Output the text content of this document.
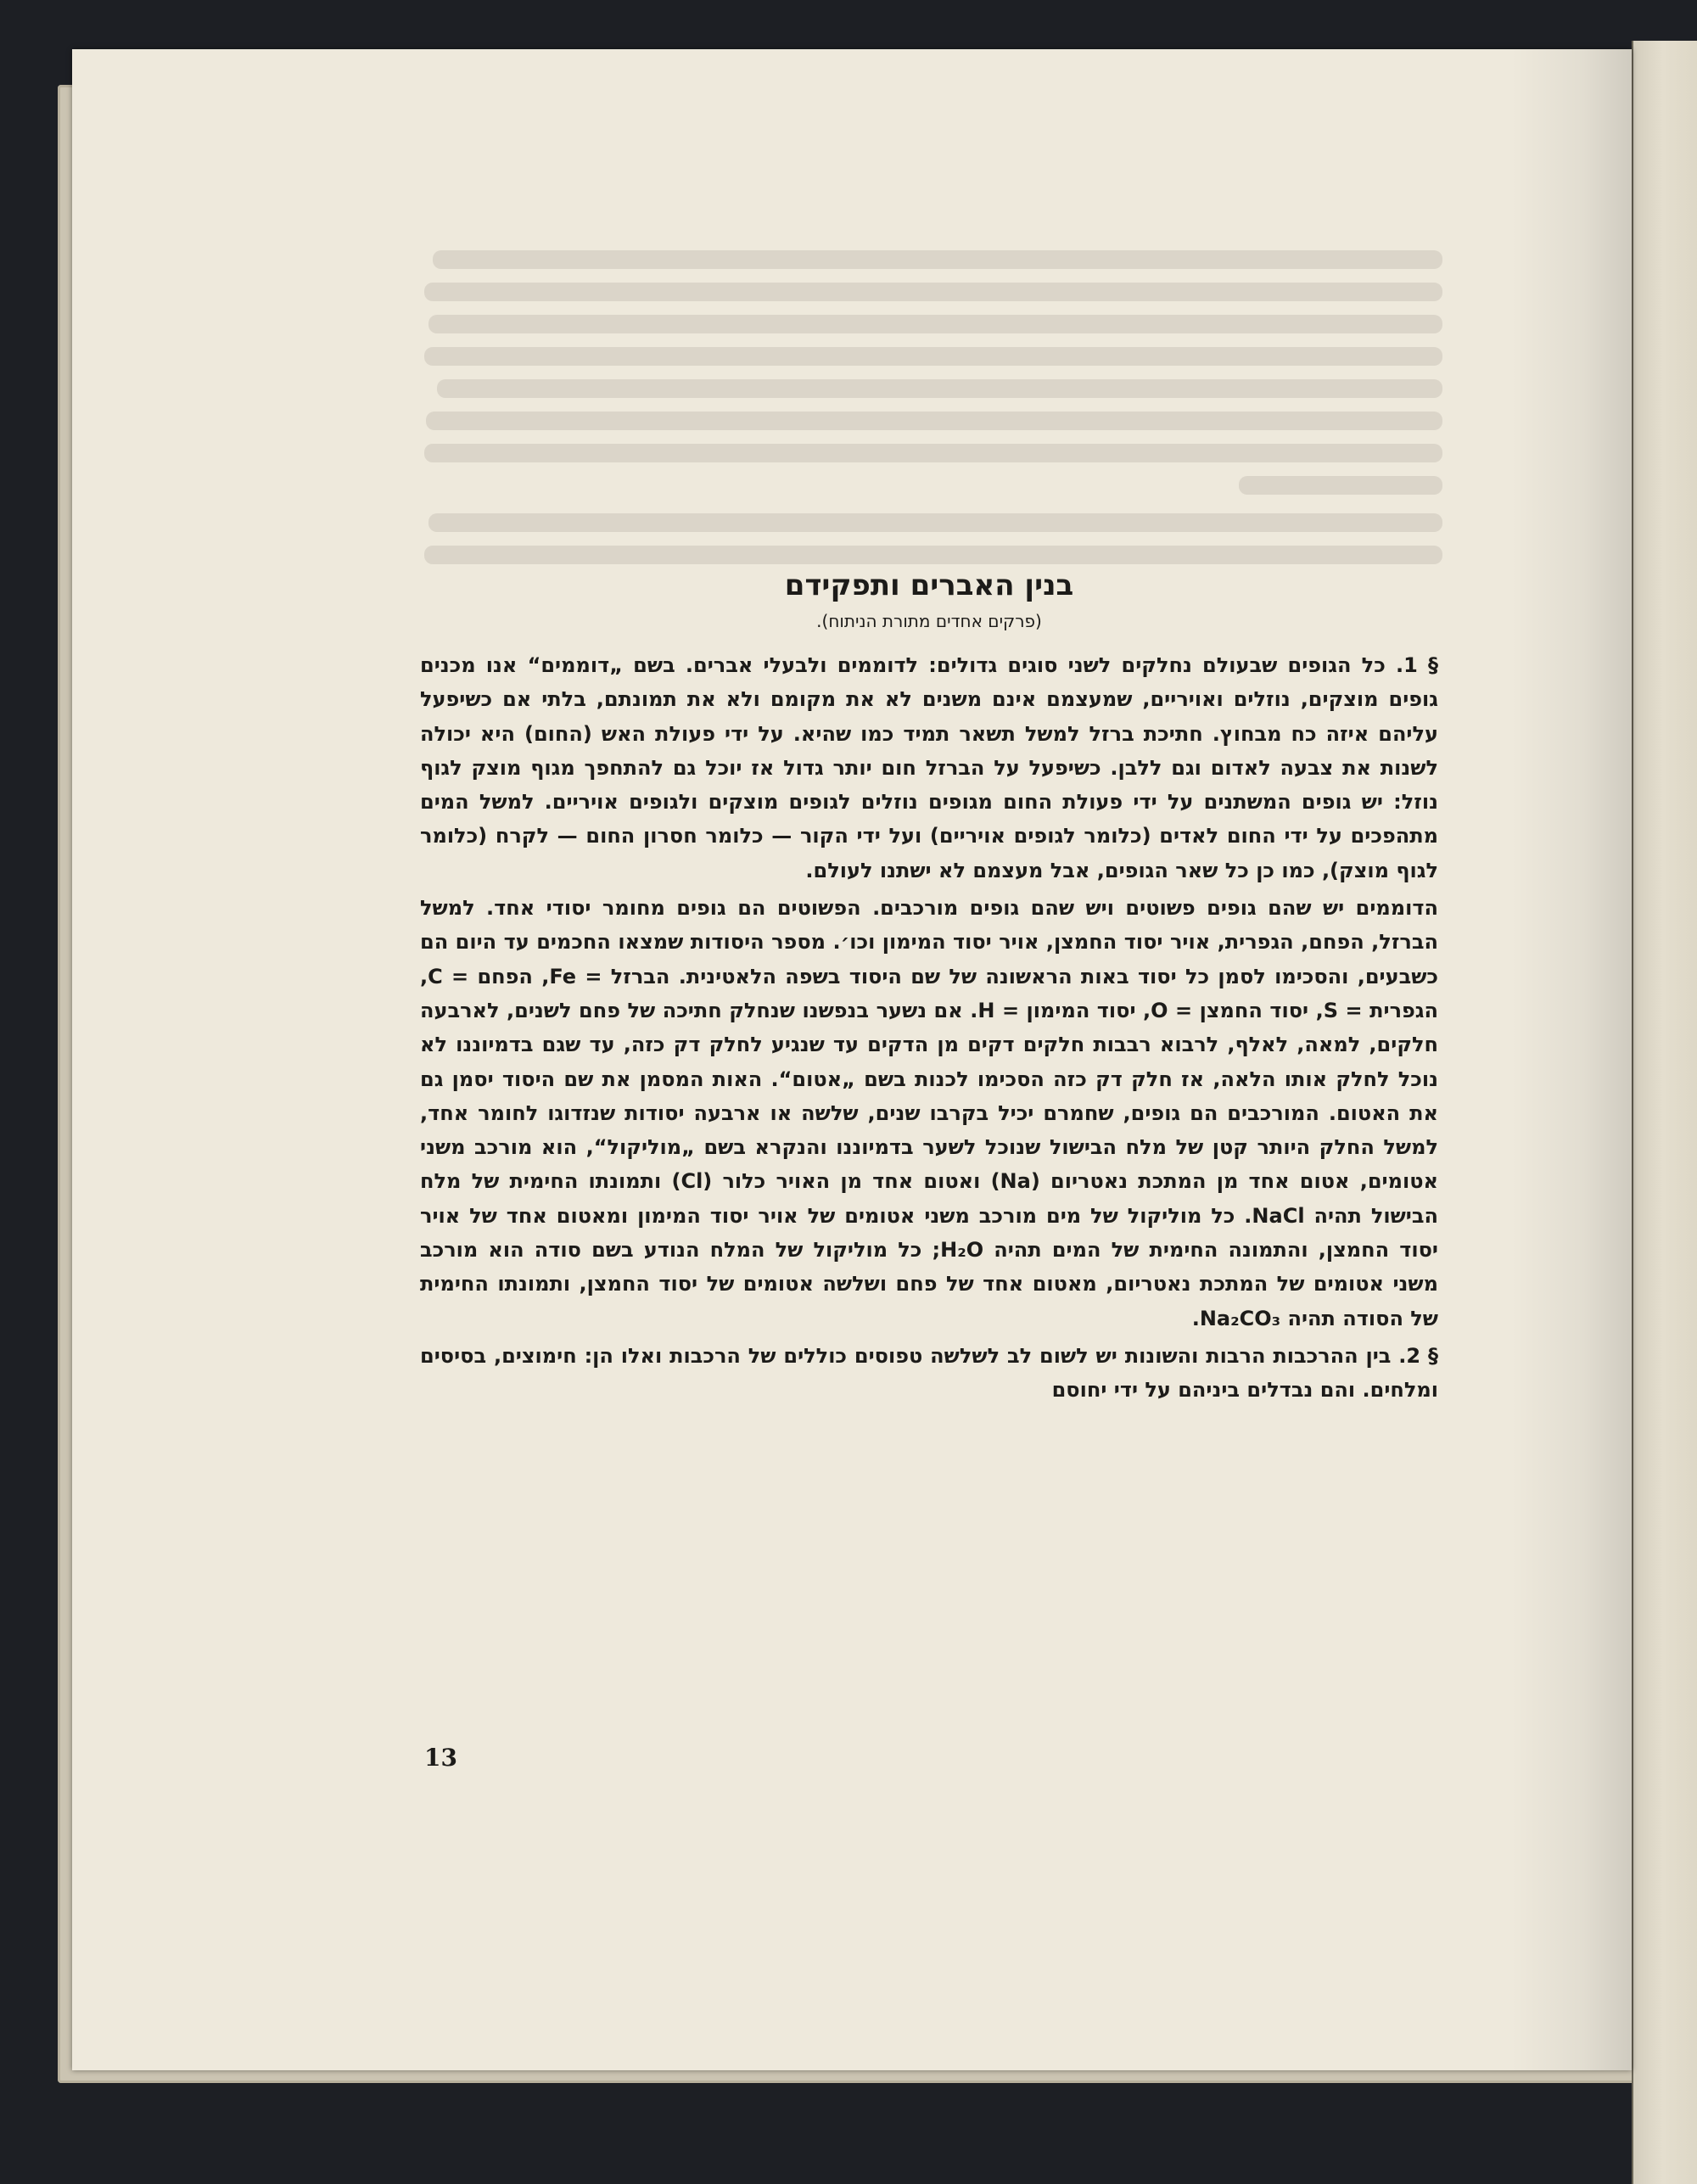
בנין האברים ותפקידם
(פרקים אחדים מתורת הניתוח).

§ 1. כל הגופים שבעולם נחלקים לשני סוגים גדולים: לדוממים ולבעלי אברים. בשם „דוממים“ אנו מכנים גופים מוצקים, נוזלים ואויריים, שמעצמם אינם משנים לא את מקומם ולא את תמונתם, בלתי אם כשיפעל עליהם איזה כח מבחוץ. חתיכת ברזל למשל תשאר תמיד כמו שהיא. על ידי פעולת האש (החום) היא יכולה לשנות את צבעה לאדום וגם ללבן. כשיפעל על הברזל חום יותר גדול אז יוכל גם להתחפך מגוף מוצק לגוף נוזל: יש גופים המשתנים על ידי פעולת החום מגופים נוזלים לגופים מוצקים ולגופים אויריים. למשל המים מתהפכים על ידי החום לאדים (כלומר לגופים אויריים) ועל ידי הקור — כלומר חסרון החום — לקרח (כלומר לגוף מוצק), כמו כן כל שאר הגופים, אבל מעצמם לא ישתנו לעולם.

הדוממים יש שהם גופים פשוטים ויש שהם גופים מורכבים. הפשוטים הם גופים מחומר יסודי אחד. למשל הברזל, הפחם, הגפרית, אויר יסוד החמצן, אויר יסוד המימון וכו׳. מספר היסודות שמצאו החכמים עד היום הם כשבעים, והסכימו לסמן כל יסוד באות הראשונה של שם היסוד בשפה הלאטינית. הברזל = Fe, הפחם = C, הגפרית = S, יסוד החמצן = O, יסוד המימון = H. אם נשער בנפשנו שנחלק חתיכה של פחם לשנים, לארבעה חלקים, למאה, לאלף, לרבוא רבבות חלקים דקים מן הדקים עד שנגיע לחלק דק כזה, עד שגם בדמיוננו לא נוכל לחלק אותו הלאה, אז חלק דק כזה הסכימו לכנות בשם „אטום“. האות המסמן את שם היסוד יסמן גם את האטום. המורכבים הם גופים, שחמרם יכיל בקרבו שנים, שלשה או ארבעה יסודות שנזדוגו לחומר אחד, למשל החלק היותר קטן של מלח הבישול שנוכל לשער בדמיוננו והנקרא בשם „מוליקול“, הוא מורכב משני אטומים, אטום אחד מן המתכת נאטריום (Na) ואטום אחד מן האויר כלור (Cl) ותמונתו החימית של מלח הבישול תהיה NaCl. כל מוליקול של מים מורכב משני אטומים של אויר יסוד המימון ומאטום אחד של אויר יסוד החמצן, והתמונה החימית של המים תהיה H₂O; כל מוליקול של המלח הנודע בשם סודה הוא מורכב משני אטומים של המתכת נאטריום, מאטום אחד של פחם ושלשה אטומים של יסוד החמצן, ותמונתו החימית של הסודה תהיה Na₂CO₃.

§ 2. בין ההרכבות הרבות והשונות יש לשום לב לשלשה טפוסים כוללים של הרכבות ואלו הן: חימוצים, בסיסים ומלחים. והם נבדלים ביניהם על ידי יחוסם

13
